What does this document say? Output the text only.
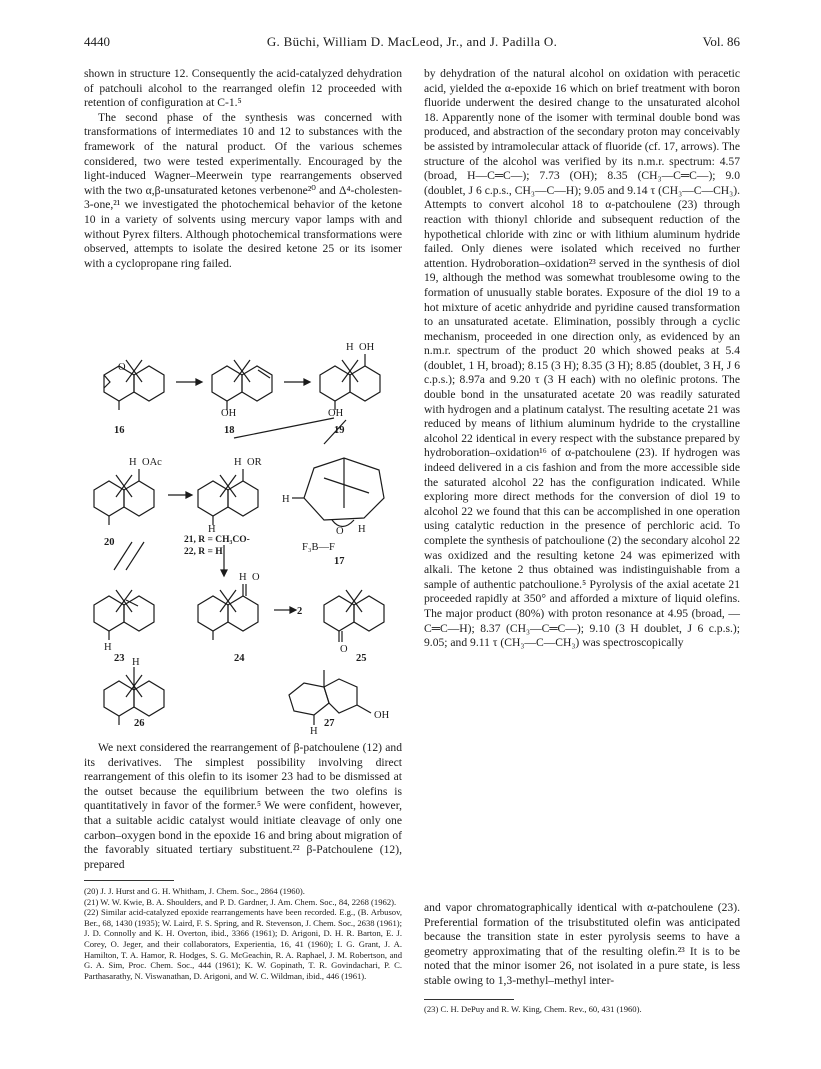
4440	G. Büchi, William D. MacLeod, Jr., and J. Padilla O.	Vol. 86

shown in structure 12. Consequently the acid-catalyzed dehydration of patchouli alcohol to the rearranged olefin 12 proceeded with retention of configuration at C-1.⁵

The second phase of the synthesis was concerned with transformations of intermediates 10 and 12 to substances with the framework of the natural product. Of the various schemes considered, two were tested experimentally. Encouraged by the light-induced Wagner–Meerwein type rearrangements observed with the two α,β-unsaturated ketones verbenone²⁰ and Δ⁴-cholesten-3-one,²¹ we investigated the photochemical behavior of the ketone 10 in a variety of solvents using mercury vapor lamps with and without Pyrex filters. Although photochemical transformations were observed, attempts to isolate the desired ketone 25 or its isomer with a cyclopropane ring failed.

O
OH	OH
OH
H
H OAc	H OR
H
H
H
O
F₃B—F
H
H O
O
H
H
OH
16	18	19
20	21, R = CH₃CO-
22, R = H
17
23	24
2
25
26	27

We next considered the rearrangement of β-patchoulene (12) and its derivatives. The simplest possibility involving direct rearrangement of this olefin to its isomer 23 had to be dismissed at the outset because the equilibrium between the two olefins is quantitatively in favor of the former.⁵ We were confident, however, that a suitable acidic catalyst would initiate cleavage of only one carbon–oxygen bond in the epoxide 16 and bring about migration of the favorably situated tertiary substituent.²² β-Patchoulene (12), prepared

(20) J. J. Hurst and G. H. Whitham, J. Chem. Soc., 2864 (1960).

(21) W. W. Kwie, B. A. Shoulders, and P. D. Gardner, J. Am. Chem. Soc., 84, 2268 (1962).

(22) Similar acid-catalyzed epoxide rearrangements have been recorded. E.g., (B. Arbusov, Ber., 68, 1430 (1935); W. Laird, F. S. Spring, and R. Stevenson, J. Chem. Soc., 2638 (1961); J. D. Connolly and K. H. Overton, ibid., 3366 (1961); D. Arigoni, D. H. R. Barton, E. J. Corey, O. Jeger, and their collaborators, Experientia, 16, 41 (1960); I. G. Grant, J. A. Hamilton, T. A. Hamor, R. Hodges, S. G. McGeachin, R. A. Raphael, J. M. Robertson, and G. A. Sim, Proc. Chem. Soc., 444 (1961); K. W. Gopinath, T. R. Govindachari, P. C. Parthasarathy, N. Viswanathan, D. Arigoni, and W. C. Wildman, ibid., 446 (1961).

by dehydration of the natural alcohol on oxidation with peracetic acid, yielded the α-epoxide 16 which on brief treatment with boron fluoride underwent the desired change to the unsaturated alcohol 18. Apparently none of the isomer with terminal double bond was produced, and abstraction of the secondary proton may conceivably be assisted by intramolecular attack of fluoride (cf. 17, arrows). The structure of the alcohol was verified by its n.m.r. spectrum: 4.57 (broad, H—C═C—); 7.73 (OH); 8.35 (CH₃—C═C—); 9.0 (doublet, J 6 c.p.s., CH₃—C—H); 9.05 and 9.14 τ (CH₃—C—CH₃). Attempts to convert alcohol 18 to α-patchoulene (23) through reaction with thionyl chloride and subsequent reduction of the hypothetical chloride with zinc or with lithium aluminum hydride failed. Only dienes were isolated which received no further attention. Hydroboration–oxidation²³ served in the synthesis of diol 19, although the method was somewhat troublesome owing to the formation of unusually stable borates. Exposure of the diol 19 to a hot mixture of acetic anhydride and pyridine caused transformation to an unsaturated acetate. Elimination, possibly through a cyclic mechanism, proceeded in one direction only, as evidenced by an n.m.r. spectrum of the product 20 which showed peaks at 5.4 (doublet, 1 H, broad); 8.15 (3 H); 8.35 (3 H); 8.85 (doublet, 3 H, J 6 c.p.s.); 8.97a and 9.20 τ (3 H each) with no olefinic protons. The double bond in the unsaturated acetate 20 was readily saturated with hydrogen and a platinum catalyst. The resulting acetate 21 was reduced by means of lithium aluminum hydride to the crystalline alcohol 22 identical in every respect with the substance prepared by hydroboration–oxidation¹⁶ of α-patchoulene (23). If hydrogen was indeed delivered in a cis fashion and from the more accessible side the saturated alcohol 22 has the configuration indicated. While exploring more direct methods for the conversion of diol 19 to alcohol 22 we found that this can be accomplished in one operation using catalytic reduction in the presence of perchloric acid. To complete the synthesis of patchoulione (2) the secondary alcohol 22 was oxidized and the resulting ketone 24 was epimerized with alkali. The ketone 2 thus obtained was indistinguishable from a sample of authentic patchoulione.⁵ Pyrolysis of the axial acetate 21 proceeded rapidly at 350° and afforded a mixture of liquid olefins. The major product (80%) with proton resonance at 4.95 (broad, —C═C—H); 8.37 (CH₃—C═C—); 9.10 (3 H doublet, J 6 c.p.s.); 9.05; and 9.11 τ (CH₃—C—CH₃) was spectroscopically

and vapor chromatographically identical with α-patchoulene (23). Preferential formation of the trisubstituted olefin was anticipated because the transition state in ester pyrolysis seems to have a geometry approximating that of the resulting olefin.²³ It is to be noted that the minor isomer 26, not isolated in a pure state, is less stable owing to 1,3-methyl–methyl inter-

(23) C. H. DePuy and R. W. King, Chem. Rev., 60, 431 (1960).
